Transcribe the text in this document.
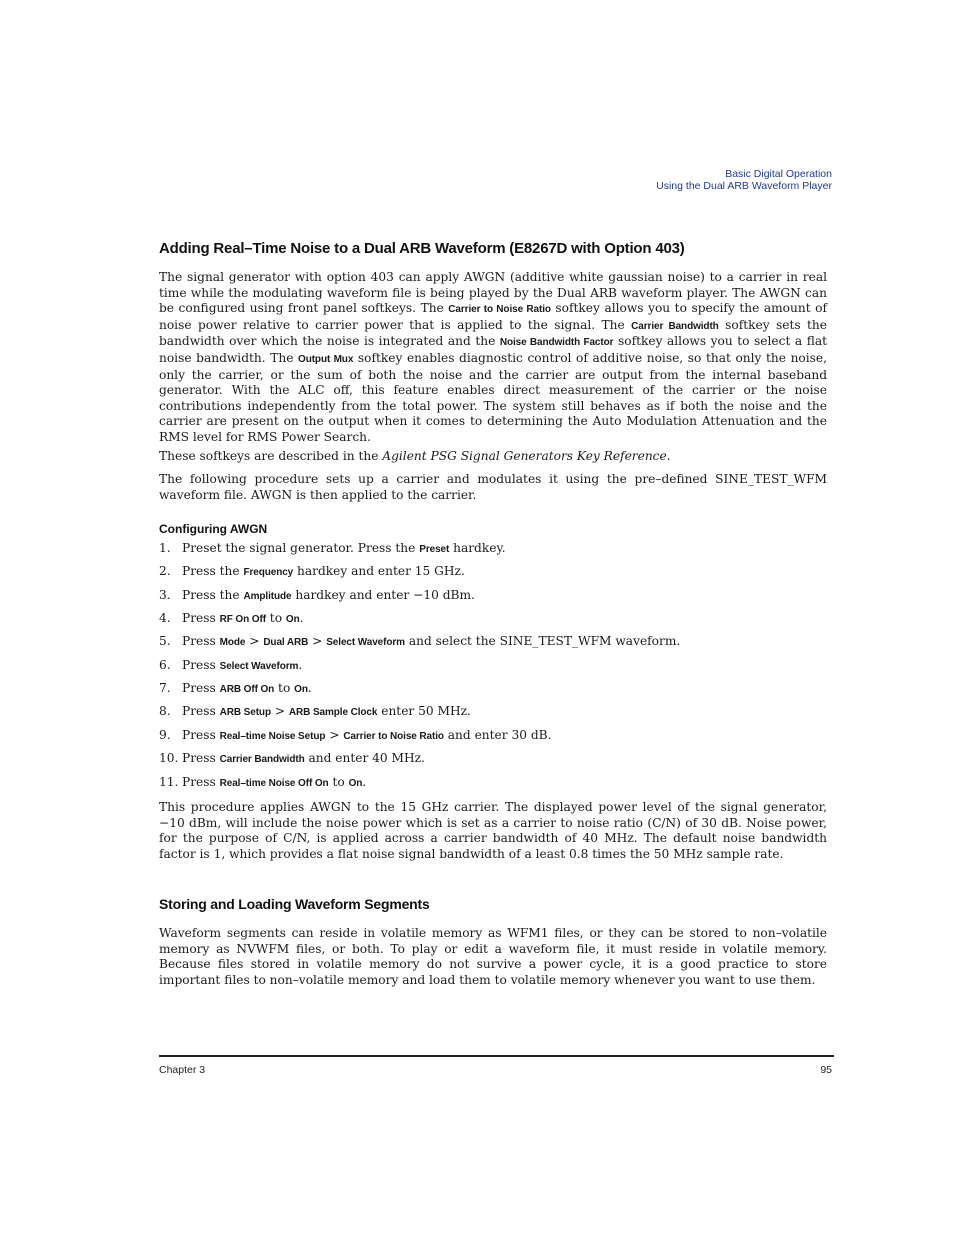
Basic Digital Operation
Using the Dual ARB Waveform Player
Adding Real–Time Noise to a Dual ARB Waveform (E8267D with Option 403)
The signal generator with option 403 can apply AWGN (additive white gaussian noise) to a carrier in real time while the modulating waveform file is being played by the Dual ARB waveform player. The AWGN can be configured using front panel softkeys. The Carrier to Noise Ratio softkey allows you to specify the amount of noise power relative to carrier power that is applied to the signal. The Carrier Bandwidth softkey sets the bandwidth over which the noise is integrated and the Noise Bandwidth Factor softkey allows you to select a flat noise bandwidth. The Output Mux softkey enables diagnostic control of additive noise, so that only the noise, only the carrier, or the sum of both the noise and the carrier are output from the internal baseband generator. With the ALC off, this feature enables direct measurement of the carrier or the noise contributions independently from the total power. The system still behaves as if both the noise and the carrier are present on the output when it comes to determining the Auto Modulation Attenuation and the RMS level for RMS Power Search.
These softkeys are described in the Agilent PSG Signal Generators Key Reference.
The following procedure sets up a carrier and modulates it using the pre–defined SINE_TEST_WFM waveform file. AWGN is then applied to the carrier.
Configuring AWGN
1. Preset the signal generator. Press the Preset hardkey.
2. Press the Frequency hardkey and enter 15 GHz.
3. Press the Amplitude hardkey and enter −10 dBm.
4. Press RF On Off to On.
5. Press Mode > Dual ARB > Select Waveform and select the SINE_TEST_WFM waveform.
6. Press Select Waveform.
7. Press ARB Off On to On.
8. Press ARB Setup > ARB Sample Clock enter 50 MHz.
9. Press Real–time Noise Setup > Carrier to Noise Ratio and enter 30 dB.
10. Press Carrier Bandwidth and enter 40 MHz.
11. Press Real–time Noise Off On to On.
This procedure applies AWGN to the 15 GHz carrier. The displayed power level of the signal generator, −10 dBm, will include the noise power which is set as a carrier to noise ratio (C/N) of 30 dB. Noise power, for the purpose of C/N, is applied across a carrier bandwidth of 40 MHz. The default noise bandwidth factor is 1, which provides a flat noise signal bandwidth of a least 0.8 times the 50 MHz sample rate.
Storing and Loading Waveform Segments
Waveform segments can reside in volatile memory as WFM1 files, or they can be stored to non–volatile memory as NVWFM files, or both. To play or edit a waveform file, it must reside in volatile memory. Because files stored in volatile memory do not survive a power cycle, it is a good practice to store important files to non–volatile memory and load them to volatile memory whenever you want to use them.
Chapter 3	95
